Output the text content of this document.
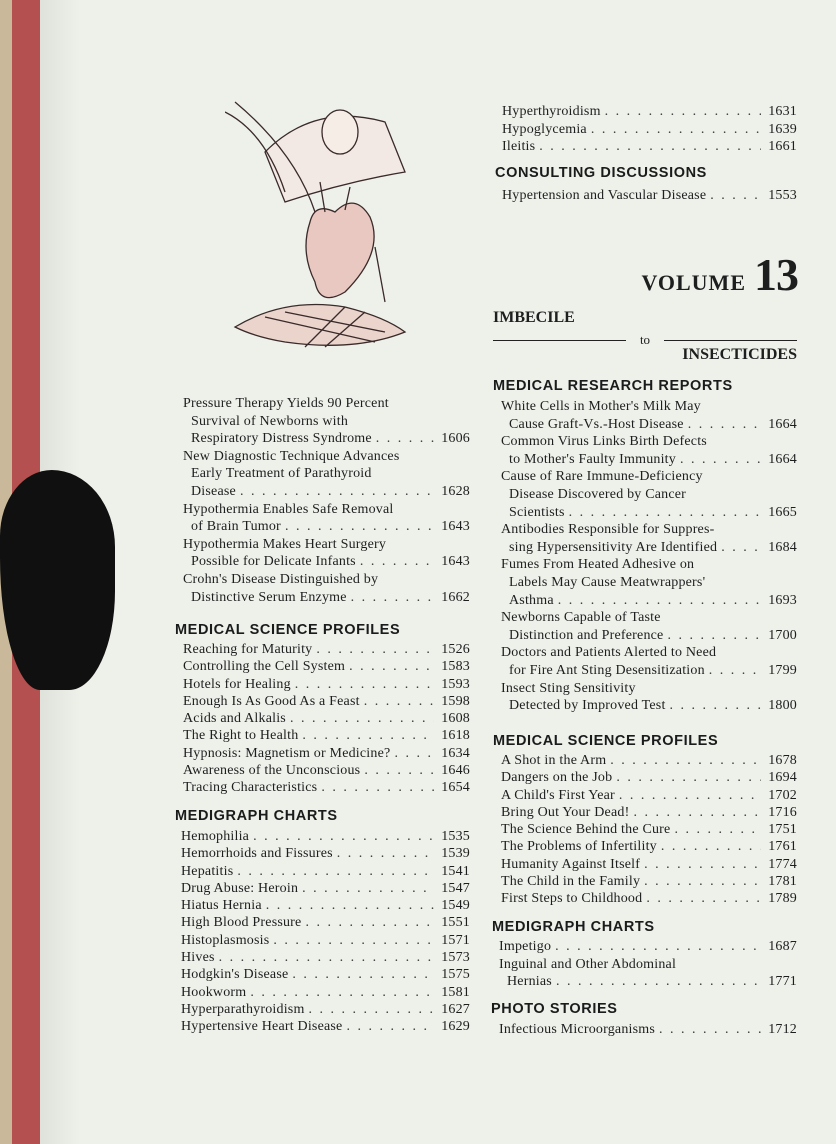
Pressure Therapy Yields 90 Percent
Survival of Newborns with
Respiratory Distress Syndrome . . .	1606
New Diagnostic Technique Advances
Early Treatment of Parathyroid
Disease . . .	1628
Hypothermia Enables Safe Removal
of Brain Tumor . . .	1643
Hypothermia Makes Heart Surgery
Possible for Delicate Infants . . .	1643
Crohn's Disease Distinguished by
Distinctive Serum Enzyme . . .	1662
MEDICAL SCIENCE PROFILES
Reaching for Maturity . . .	1526
Controlling the Cell System . . .	1583
Hotels for Healing . . .	1593
Enough Is As Good As a Feast . . .	1598
Acids and Alkalis . . .	1608
The Right to Health . . .	1618
Hypnosis: Magnetism or Medicine? . . .	1634
Awareness of the Unconscious . . .	1646
Tracing Characteristics . . .	1654
MEDIGRAPH CHARTS
Hemophilia . . .	1535
Hemorrhoids and Fissures . . .	1539
Hepatitis . . .	1541
Drug Abuse: Heroin . . .	1547
Hiatus Hernia . . .	1549
High Blood Pressure . . .	1551
Histoplasmosis . . .	1571
Hives . . .	1573
Hodgkin's Disease . . .	1575
Hookworm . . .	1581
Hyperparathyroidism . . .	1627
Hypertensive Heart Disease . . .	1629
Hyperthyroidism . . .	1631
Hypoglycemia . . .	1639
Ileitis . . .	1661
CONSULTING DISCUSSIONS
Hypertension and Vascular Disease . . .	1553
VOLUME 13
IMBECILE
to
INSECTICIDES
MEDICAL RESEARCH REPORTS
White Cells in Mother's Milk May
Cause Graft-Vs.-Host Disease . . .	1664
Common Virus Links Birth Defects
to Mother's Faulty Immunity . . .	1664
Cause of Rare Immune-Deficiency
Disease Discovered by Cancer
Scientists . . .	1665
Antibodies Responsible for Suppres-
sing Hypersensitivity Are Identified . . .	1684
Fumes From Heated Adhesive on
Labels May Cause Meatwrappers'
Asthma . . .	1693
Newborns Capable of Taste
Distinction and Preference . . .	1700
Doctors and Patients Alerted to Need
for Fire Ant Sting Desensitization . . .	1799
Insect Sting Sensitivity
Detected by Improved Test . . .	1800
MEDICAL SCIENCE PROFILES
A Shot in the Arm . . .	1678
Dangers on the Job . . .	1694
A Child's First Year . . .	1702
Bring Out Your Dead! . . .	1716
The Science Behind the Cure . . .	1751
The Problems of Infertility . . .	1761
Humanity Against Itself . . .	1774
The Child in the Family . . .	1781
First Steps to Childhood . . .	1789
MEDIGRAPH CHARTS
Impetigo . . .	1687
Inguinal and Other Abdominal
Hernias . . .	1771
PHOTO STORIES
Infectious Microorganisms . . .	1712
